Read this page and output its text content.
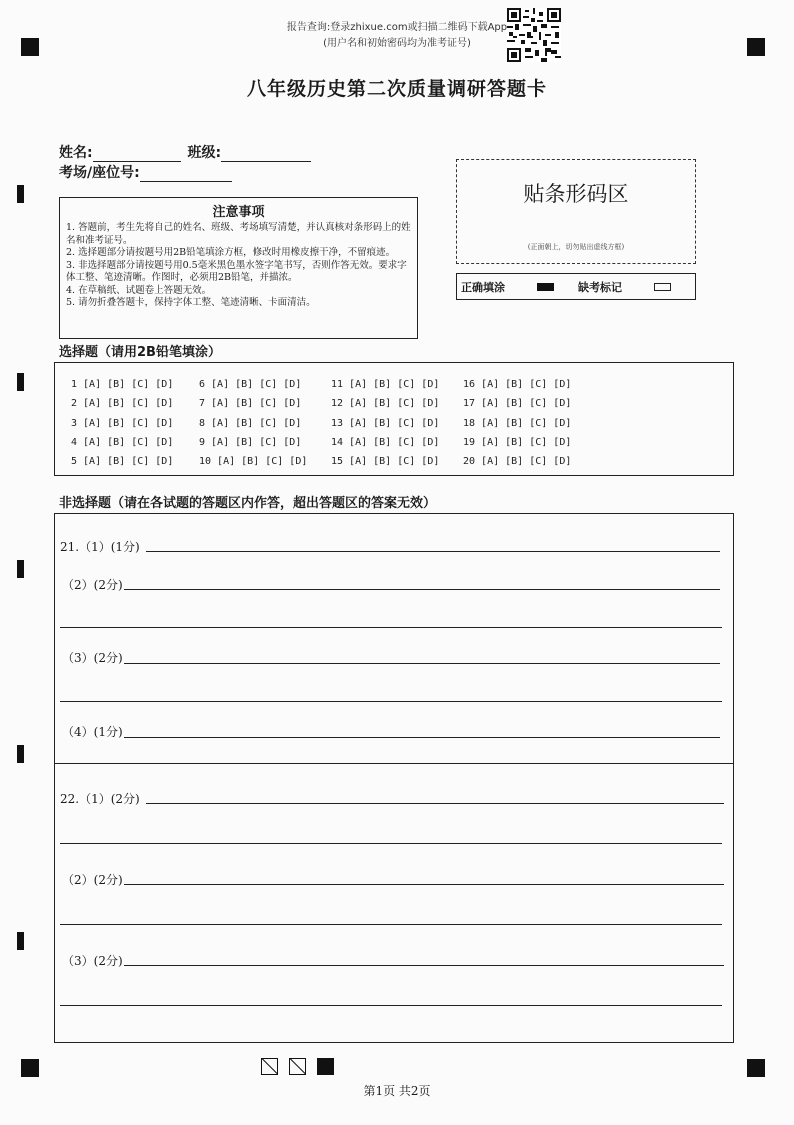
报告查询:登录zhixue.com或扫描二维码下载App
(用户名和初始密码均为准考证号)
八年级历史第二次质量调研答题卡
姓名:	班级:
考场/座位号:
注意事项
1. 答题前，考生先将自己的姓名、班级、考场填写清楚，并认真核对条形码上的姓名和准考证号。
2. 选择题部分请按题号用2B铅笔填涂方框，修改时用橡皮擦干净，不留痕迹。
3. 非选择题部分请按题号用0.5毫米黑色墨水签字笔书写，否则作答无效。要求字体工整、笔迹清晰。作图时，必须用2B铅笔，并描浓。
4. 在草稿纸、试题卷上答题无效。
5. 请勿折叠答题卡，保持字体工整、笔迹清晰、卡面清洁。
贴条形码区
(正面朝上，切勿贴出虚线方框)
正确填涂	缺考标记
选择题（请用2B铅笔填涂）
1 [A] [B] [C] [D]
2 [A] [B] [C] [D]
3 [A] [B] [C] [D]
4 [A] [B] [C] [D]
5 [A] [B] [C] [D]
6 [A] [B] [C] [D]
7 [A] [B] [C] [D]
8 [A] [B] [C] [D]
9 [A] [B] [C] [D]
10 [A] [B] [C] [D]
11 [A] [B] [C] [D]
12 [A] [B] [C] [D]
13 [A] [B] [C] [D]
14 [A] [B] [C] [D]
15 [A] [B] [C] [D]
16 [A] [B] [C] [D]
17 [A] [B] [C] [D]
18 [A] [B] [C] [D]
19 [A] [B] [C] [D]
20 [A] [B] [C] [D]
非选择题（请在各试题的答题区内作答，超出答题区的答案无效）
21.（1）(1分)
（2）(2分)
（3）(2分)
（4）(1分)
22.（1）(2分)
（2）(2分)
（3）(2分)
第1页 共2页
